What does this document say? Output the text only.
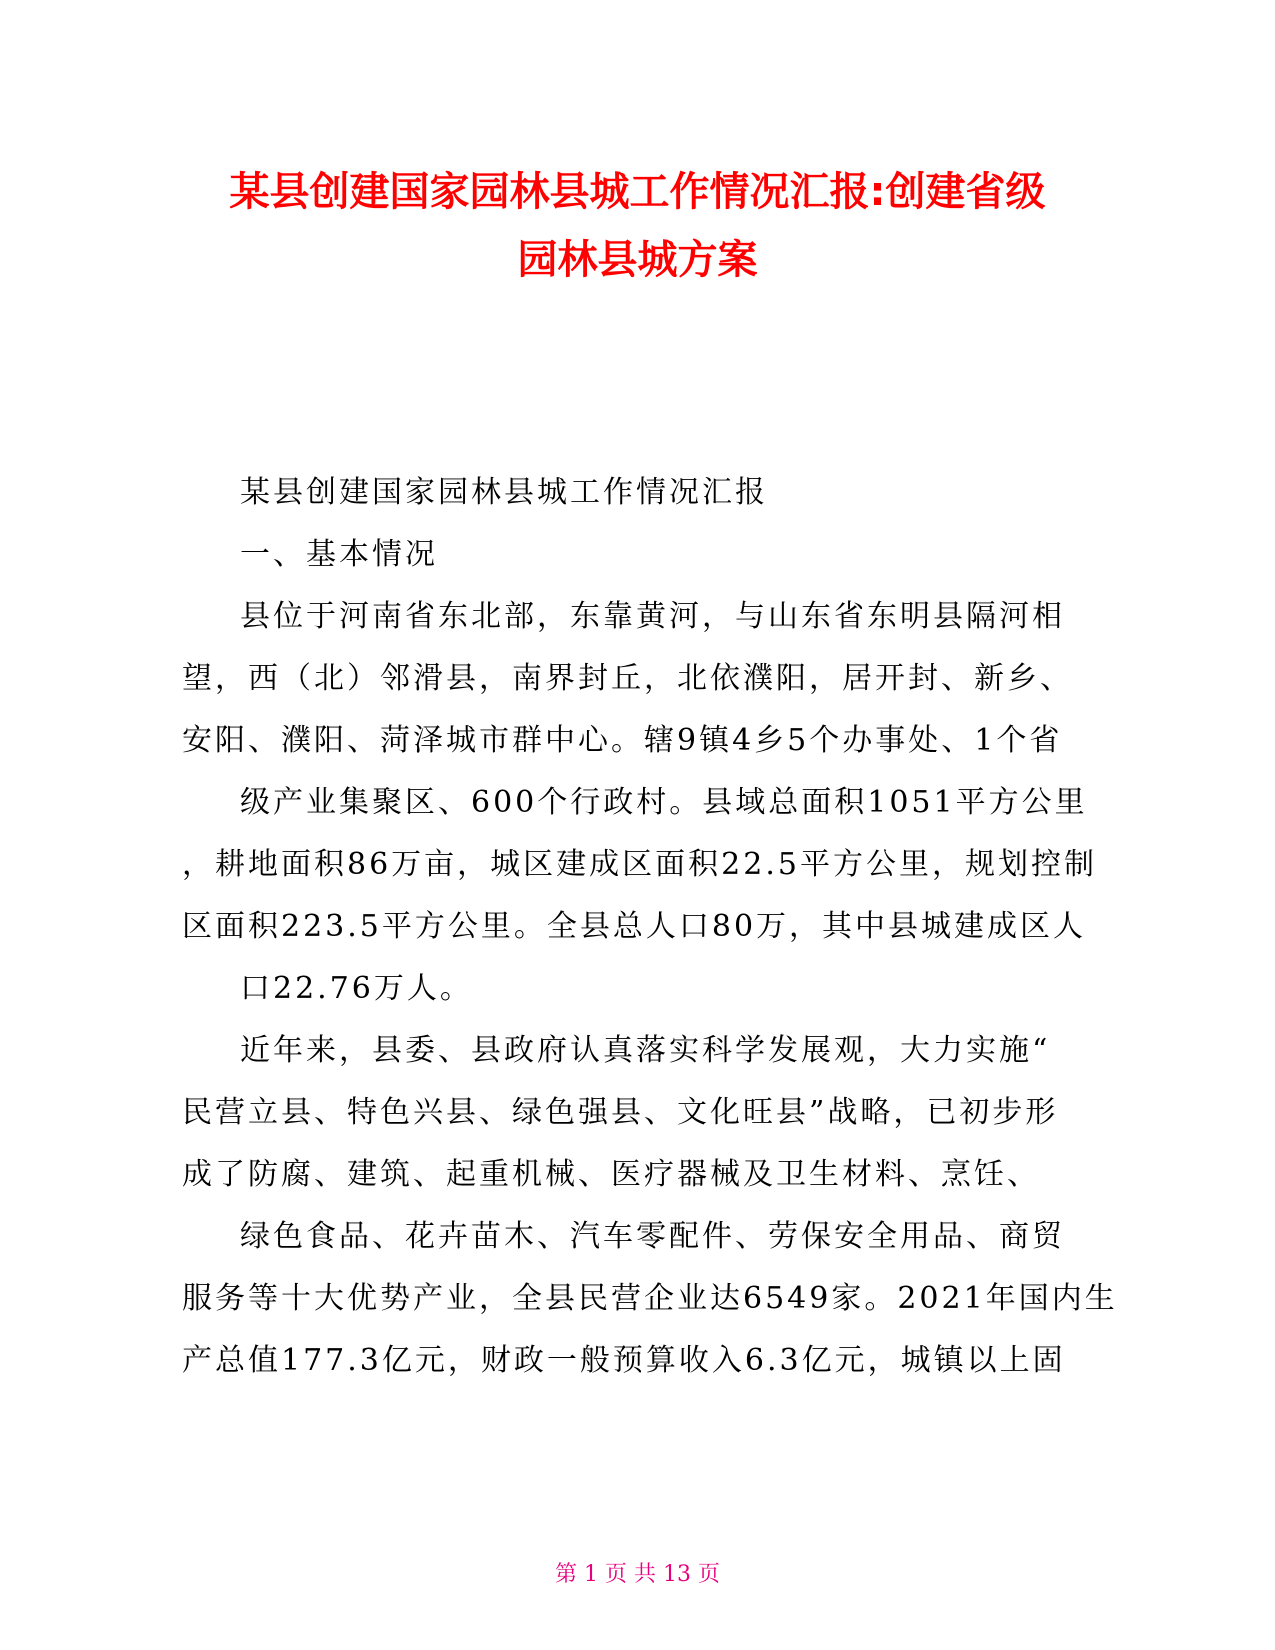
某县创建国家园林县城工作情况汇报:创建省级
园林县城方案
某县创建国家园林县城工作情况汇报
一、基本情况
县位于河南省东北部，东靠黄河，与山东省东明县隔河相
望，西（北）邻滑县，南界封丘，北依濮阳，居开封、新乡、
安阳、濮阳、菏泽城市群中心。辖9镇4乡5个办事处、1个省
级产业集聚区、600个行政村。县域总面积1051平方公里
，耕地面积86万亩，城区建成区面积22.5平方公里，规划控制
区面积223.5平方公里。全县总人口80万，其中县城建成区人
口22.76万人。
近年来，县委、县政府认真落实科学发展观，大力实施“
民营立县、特色兴县、绿色强县、文化旺县”战略，已初步形
成了防腐、建筑、起重机械、医疗器械及卫生材料、烹饪、
绿色食品、花卉苗木、汽车零配件、劳保安全用品、商贸
服务等十大优势产业，全县民营企业达6549家。2021年国内生
产总值177.3亿元，财政一般预算收入6.3亿元，城镇以上固
第 1 页 共 13 页
